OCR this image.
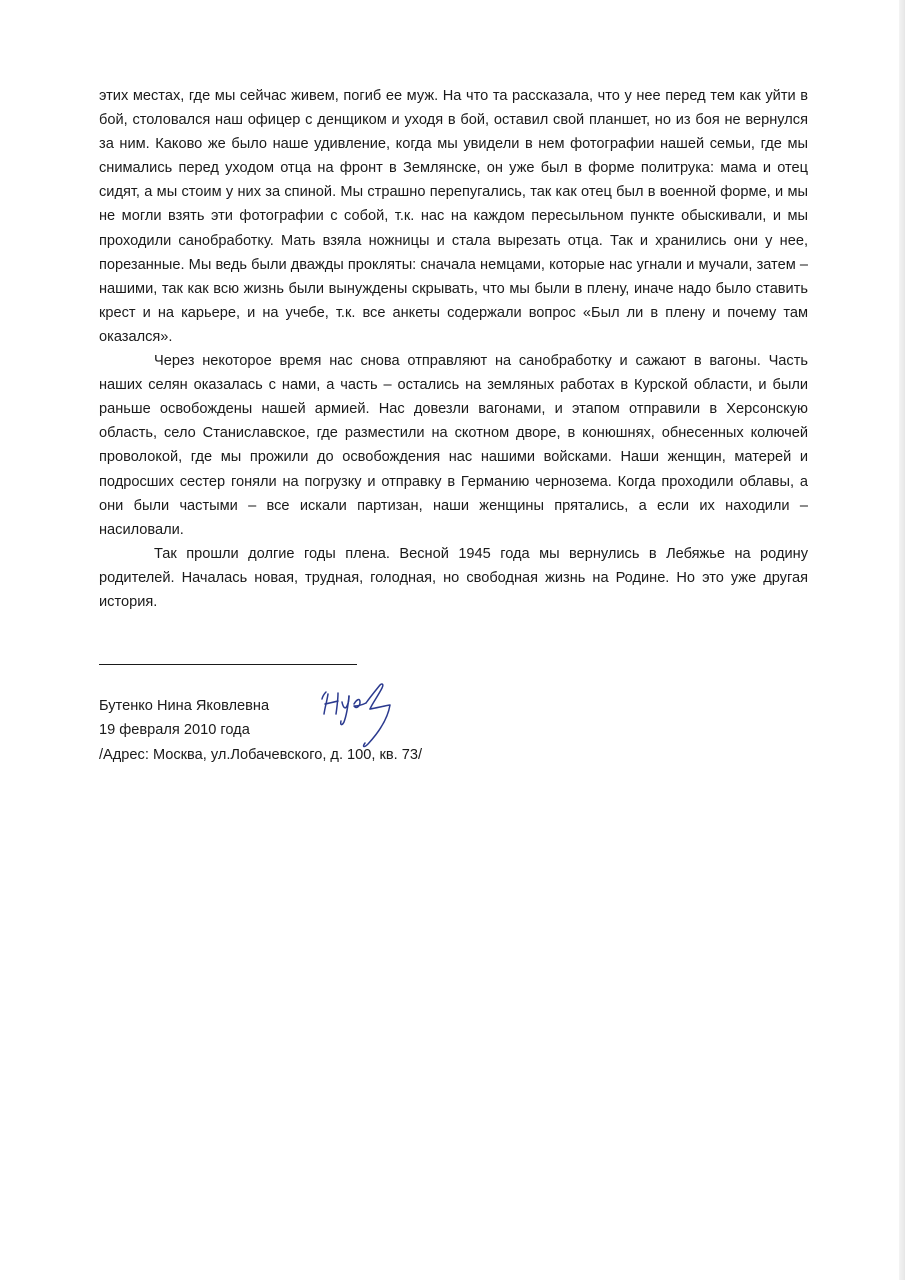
этих местах, где мы сейчас живем, погиб ее муж. На что та рассказала, что у нее перед тем как уйти в бой, столовался наш офицер с денщиком и уходя в бой, оставил свой планшет, но из боя не вернулся за ним. Каково же было наше удивление, когда мы увидели в нем фотографии нашей семьи, где мы снимались перед уходом отца на фронт в Землянске, он уже был в форме политрука: мама и отец сидят, а мы стоим у них за спиной. Мы страшно перепугались, так как отец был в военной форме, и мы не могли взять эти фотографии с собой, т.к. нас на каждом пересыльном пункте обыскивали, и мы проходили санобработку. Мать взяла ножницы и стала вырезать отца. Так и хранились они у нее, порезанные. Мы ведь были дважды прокляты: сначала немцами, которые нас угнали и мучали, затем – нашими, так как всю жизнь были вынуждены скрывать, что мы были в плену, иначе надо было ставить крест и на карьере, и на учебе, т.к. все анкеты содержали вопрос «Был ли в плену и почему там оказался».

Через некоторое время нас снова отправляют на санобработку и сажают в вагоны. Часть наших селян оказалась с нами, а часть – остались на земляных работах в Курской области, и были раньше освобождены нашей армией. Нас довезли вагонами, и этапом отправили в Херсонскую область, село Станиславское, где разместили на скотном дворе, в конюшнях, обнесенных колючей проволокой, где мы прожили до освобождения нас нашими войсками. Наши женщин, матерей и подросших сестер гоняли на погрузку и отправку в Германию чернозема. Когда проходили облавы, а они были частыми – все искали партизан, наши женщины прятались, а если их находили – насиловали.

Так прошли долгие годы плена. Весной 1945 года мы вернулись в Лебяжье на родину родителей. Началась новая, трудная, голодная, но свободная жизнь на Родине. Но это уже другая история.

Бутенко Нина Яковлевна
19 февраля 2010 года
/Адрес: Москва, ул.Лобачевского, д. 100, кв. 73/
